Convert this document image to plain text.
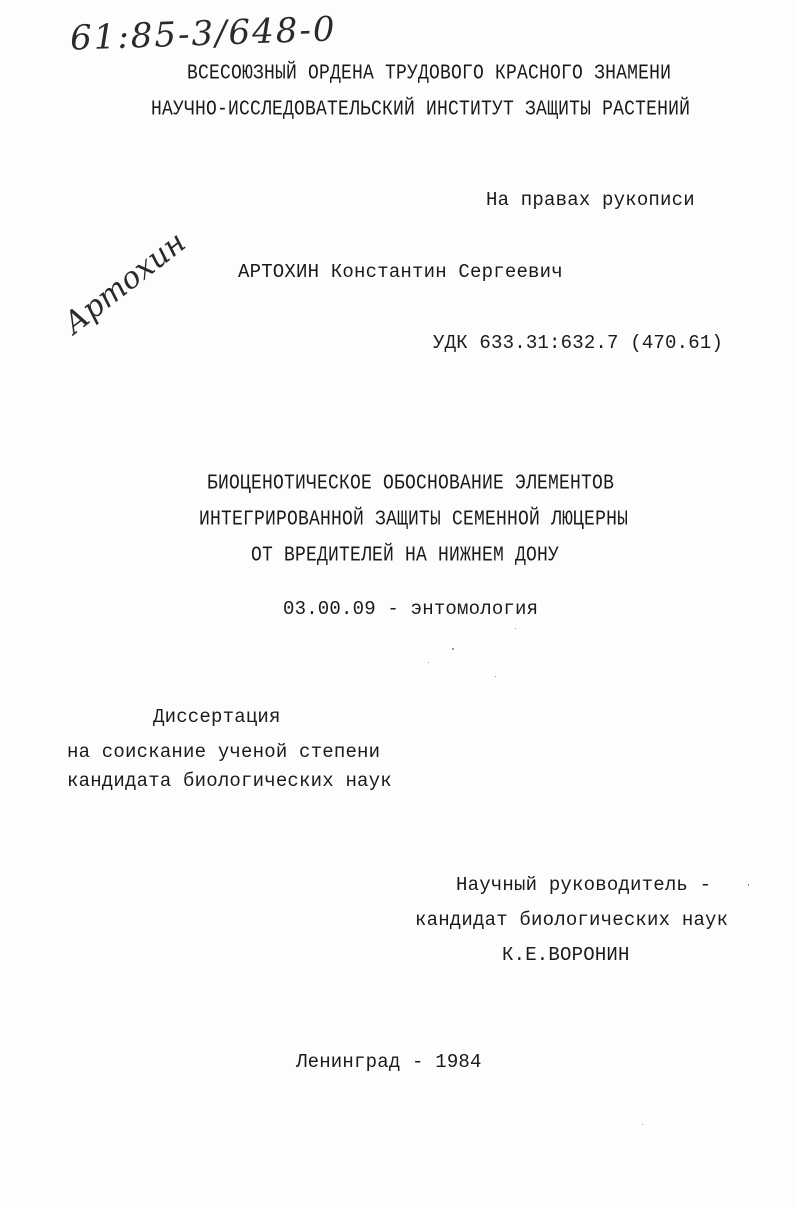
61:85-3/648-0
ВСЕСОЮЗНЫЙ ОРДЕНА ТРУДОВОГО КРАСНОГО ЗНАМЕНИ
НАУЧНО-ИССЛЕДОВАТЕЛЬСКИЙ ИНСТИТУТ ЗАЩИТЫ РАСТЕНИЙ
На правах рукописи
АРТОХИН Константин Сергеевич
Артохин
УДК 633.31:632.7 (470.61)
БИОЦЕНОТИЧЕСКОЕ ОБОСНОВАНИЕ ЭЛЕМЕНТОВ
ИНТЕГРИРОВАННОЙ ЗАЩИТЫ СЕМЕННОЙ ЛЮЦЕРНЫ
ОТ ВРЕДИТЕЛЕЙ НА НИЖНЕМ ДОНУ
03.00.09 - энтомология
Диссертация
на соискание ученой степени
кандидата биологических наук
Научный руководитель -
кандидат биологических наук
К.Е.ВОРОНИН
Ленинград - 1984
